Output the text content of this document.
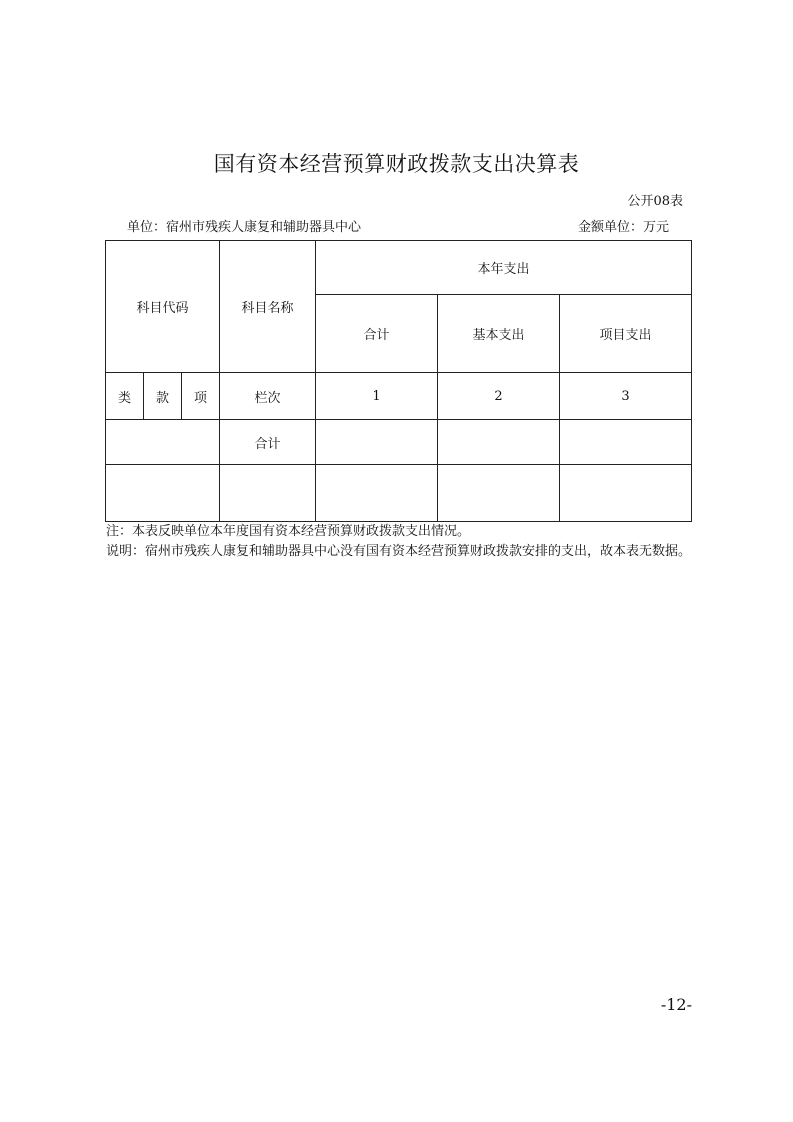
国有资本经营预算财政拨款支出决算表
公开08表
单位：宿州市残疾人康复和辅助器具中心	金额单位：万元
科目代码			科目名称	本年支出		
				合计	基本支出	项目支出
类	款	项	栏次	1	2	3
			合计			

注：本表反映单位本年度国有资本经营预算财政拨款支出情况。
说明：宿州市残疾人康复和辅助器具中心没有国有资本经营预算财政拨款安排的支出，故本表无数据。
-12-
